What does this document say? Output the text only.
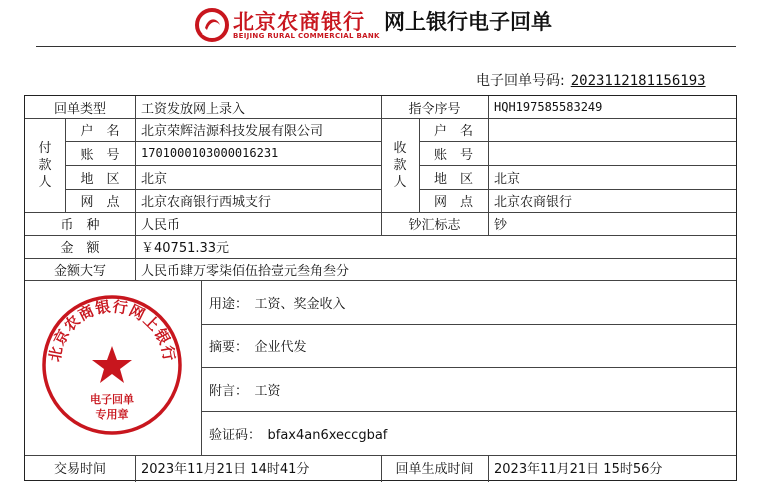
北京农商银行
BEIJING RURAL COMMERCIAL BANK
网上银行电子回单
电子回单号码: 2023112181156193
回单类型	工资发放网上录入	指令序号	HQH197585583249
付款人
户　名	北京荣辉洁源科技发展有限公司
账　号	1701000103000016231
地　区	北京
网　点	北京农商银行西城支行
收款人
户　名
账　号
地　区	北京
网　点	北京农商银行
币　种	人民币	钞汇标志	钞
金　额	￥40751.33元
金额大写	人民币肆万零柒佰伍拾壹元叁角叁分
用途：　工资、奖金收入
摘要：　企业代发
附言：　工资
验证码：　bfax4an6xeccgbaf
交易时间	2023年11月21日 14时41分	回单生成时间	2023年11月21日 15时56分
北京农商银行网上银行
电子回单
专用章
